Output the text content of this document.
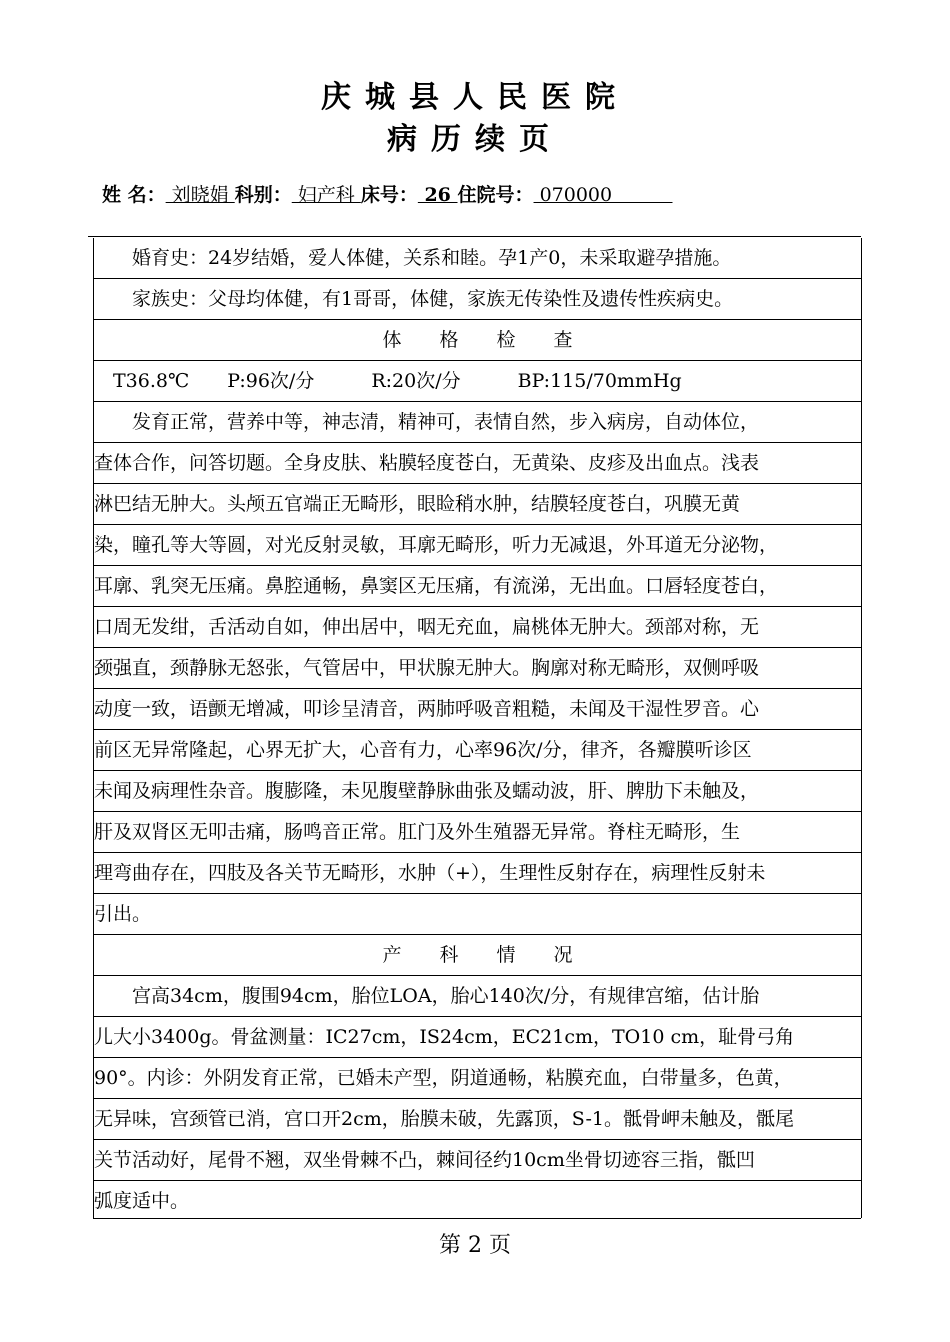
庆城县人民医院
病历续页
姓 名： 刘晓娟 科别： 妇产科 床号： 26 住院号： 070000
　　婚育史：24岁结婚，爱人体健，关系和睦。孕1产0，未采取避孕措施。
　　家族史：父母均体健，有1哥哥，体健，家族无传染性及遗传性疾病史。
体　　格　　检　　查
　T36.8℃　　P:96次/分　　　R:20次/分　　　BP:115/70mmHg
　　发育正常，营养中等，神志清，精神可，表情自然，步入病房，自动体位，
查体合作，问答切题。全身皮肤、粘膜轻度苍白，无黄染、皮疹及出血点。浅表
淋巴结无肿大。头颅五官端正无畸形，眼睑稍水肿，结膜轻度苍白，巩膜无黄
染，瞳孔等大等圆，对光反射灵敏，耳廓无畸形，听力无减退，外耳道无分泌物，
耳廓、乳突无压痛。鼻腔通畅，鼻窦区无压痛，有流涕，无出血。口唇轻度苍白，
口周无发绀，舌活动自如，伸出居中，咽无充血，扁桃体无肿大。颈部对称，无
颈强直，颈静脉无怒张，气管居中，甲状腺无肿大。胸廓对称无畸形，双侧呼吸
动度一致，语颤无增减，叩诊呈清音，两肺呼吸音粗糙，未闻及干湿性罗音。心
前区无异常隆起，心界无扩大，心音有力，心率96次/分，律齐，各瓣膜听诊区
未闻及病理性杂音。腹膨隆，未见腹壁静脉曲张及蠕动波，肝、脾肋下未触及，
肝及双肾区无叩击痛，肠鸣音正常。肛门及外生殖器无异常。脊柱无畸形，生
理弯曲存在，四肢及各关节无畸形，水肿（+），生理性反射存在，病理性反射未
引出。
产　　科　　情　　况
　　宫高34cm，腹围94cm，胎位LOA，胎心140次/分，有规律宫缩，估计胎
儿大小3400g。骨盆测量：IC27cm，IS24cm，EC21cm，TO10 cm，耻骨弓角
90°。内诊：外阴发育正常，已婚未产型，阴道通畅，粘膜充血，白带量多，色黄，
无异味，宫颈管已消，宫口开2cm，胎膜未破，先露顶，S-1。骶骨岬未触及，骶尾
关节活动好，尾骨不翘，双坐骨棘不凸，棘间径约10cm坐骨切迹容三指，骶凹
弧度适中。
第 2 页
